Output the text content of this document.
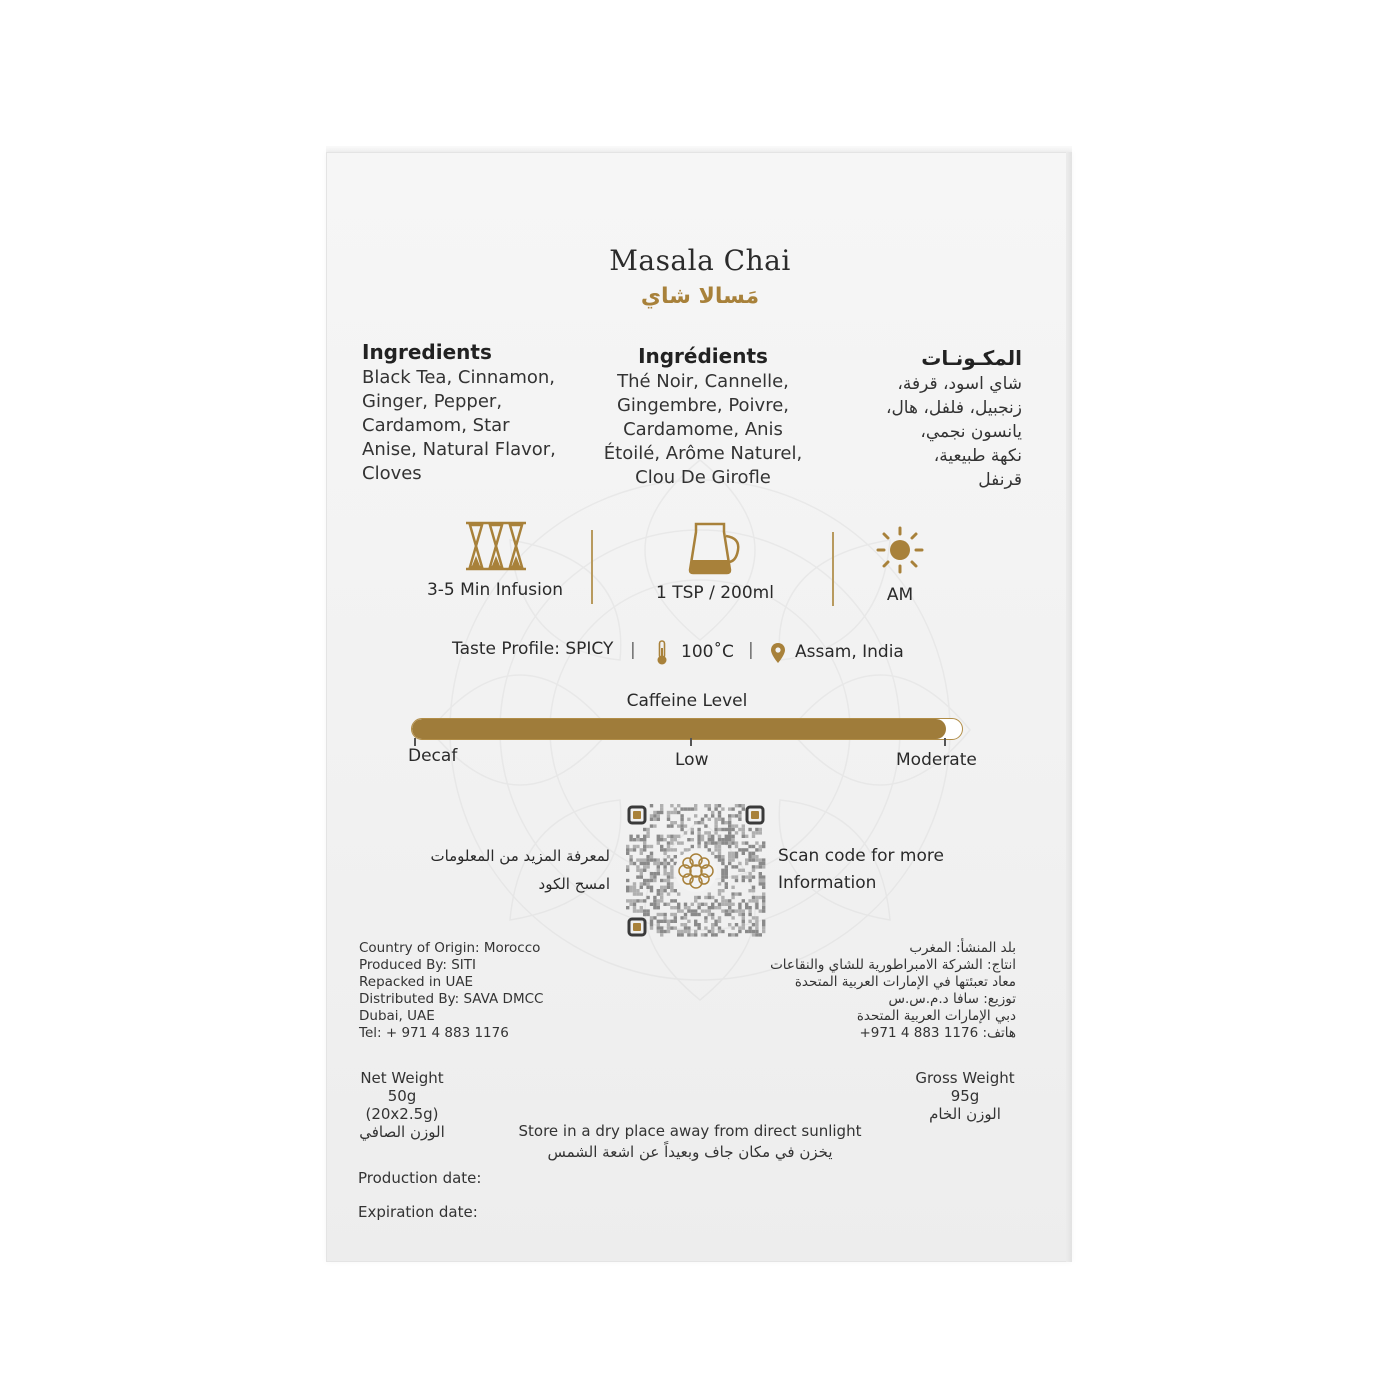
Masala Chai
مَسالا شاي
Ingredients
Black Tea, Cinnamon,
Ginger, Pepper,
Cardamom, Star
Anise, Natural Flavor,
Cloves
Ingrédients
Thé Noir, Cannelle,
Gingembre, Poivre,
Cardamome, Anis
Étoilé, Arôme Naturel,
Clou De Girofle
المكـونـات
شاي اسود، قرفة،
زنجبيل، فلفل، هال،
يانسون نجمي،
نكهة طبيعية،
قرنفل
3-5 Min Infusion	1 TSP / 200ml	AM
Taste Profile: SPICY |	100˚C | Assam, India
Caffeine Level
Decaf	Low	Moderate
لمعرفة المزيد من المعلومات
امسح الكود
Scan code for more
Information
Country of Origin: Morocco
Produced By: SITI
Repacked in UAE
Distributed By: SAVA DMCC
Dubai, UAE
Tel: + 971 4 883 1176
بلد المنشأ: المغرب
انتاج: الشركة الامبراطورية للشاي والنقاعات
معاد تعبئتها في الإمارات العربية المتحدة
توزيع: سافا د.م.س.س
دبي الإمارات العربية المتحدة
هاتف: 1176 883 4 971+
Net Weight
50g (20x2.5g)
الوزن الصافي
Gross Weight
95g
الوزن الخام
Store in a dry place away from direct sunlight
يخزن في مكان جاف وبعيداً عن اشعة الشمس
Production date:
Expiration date:
